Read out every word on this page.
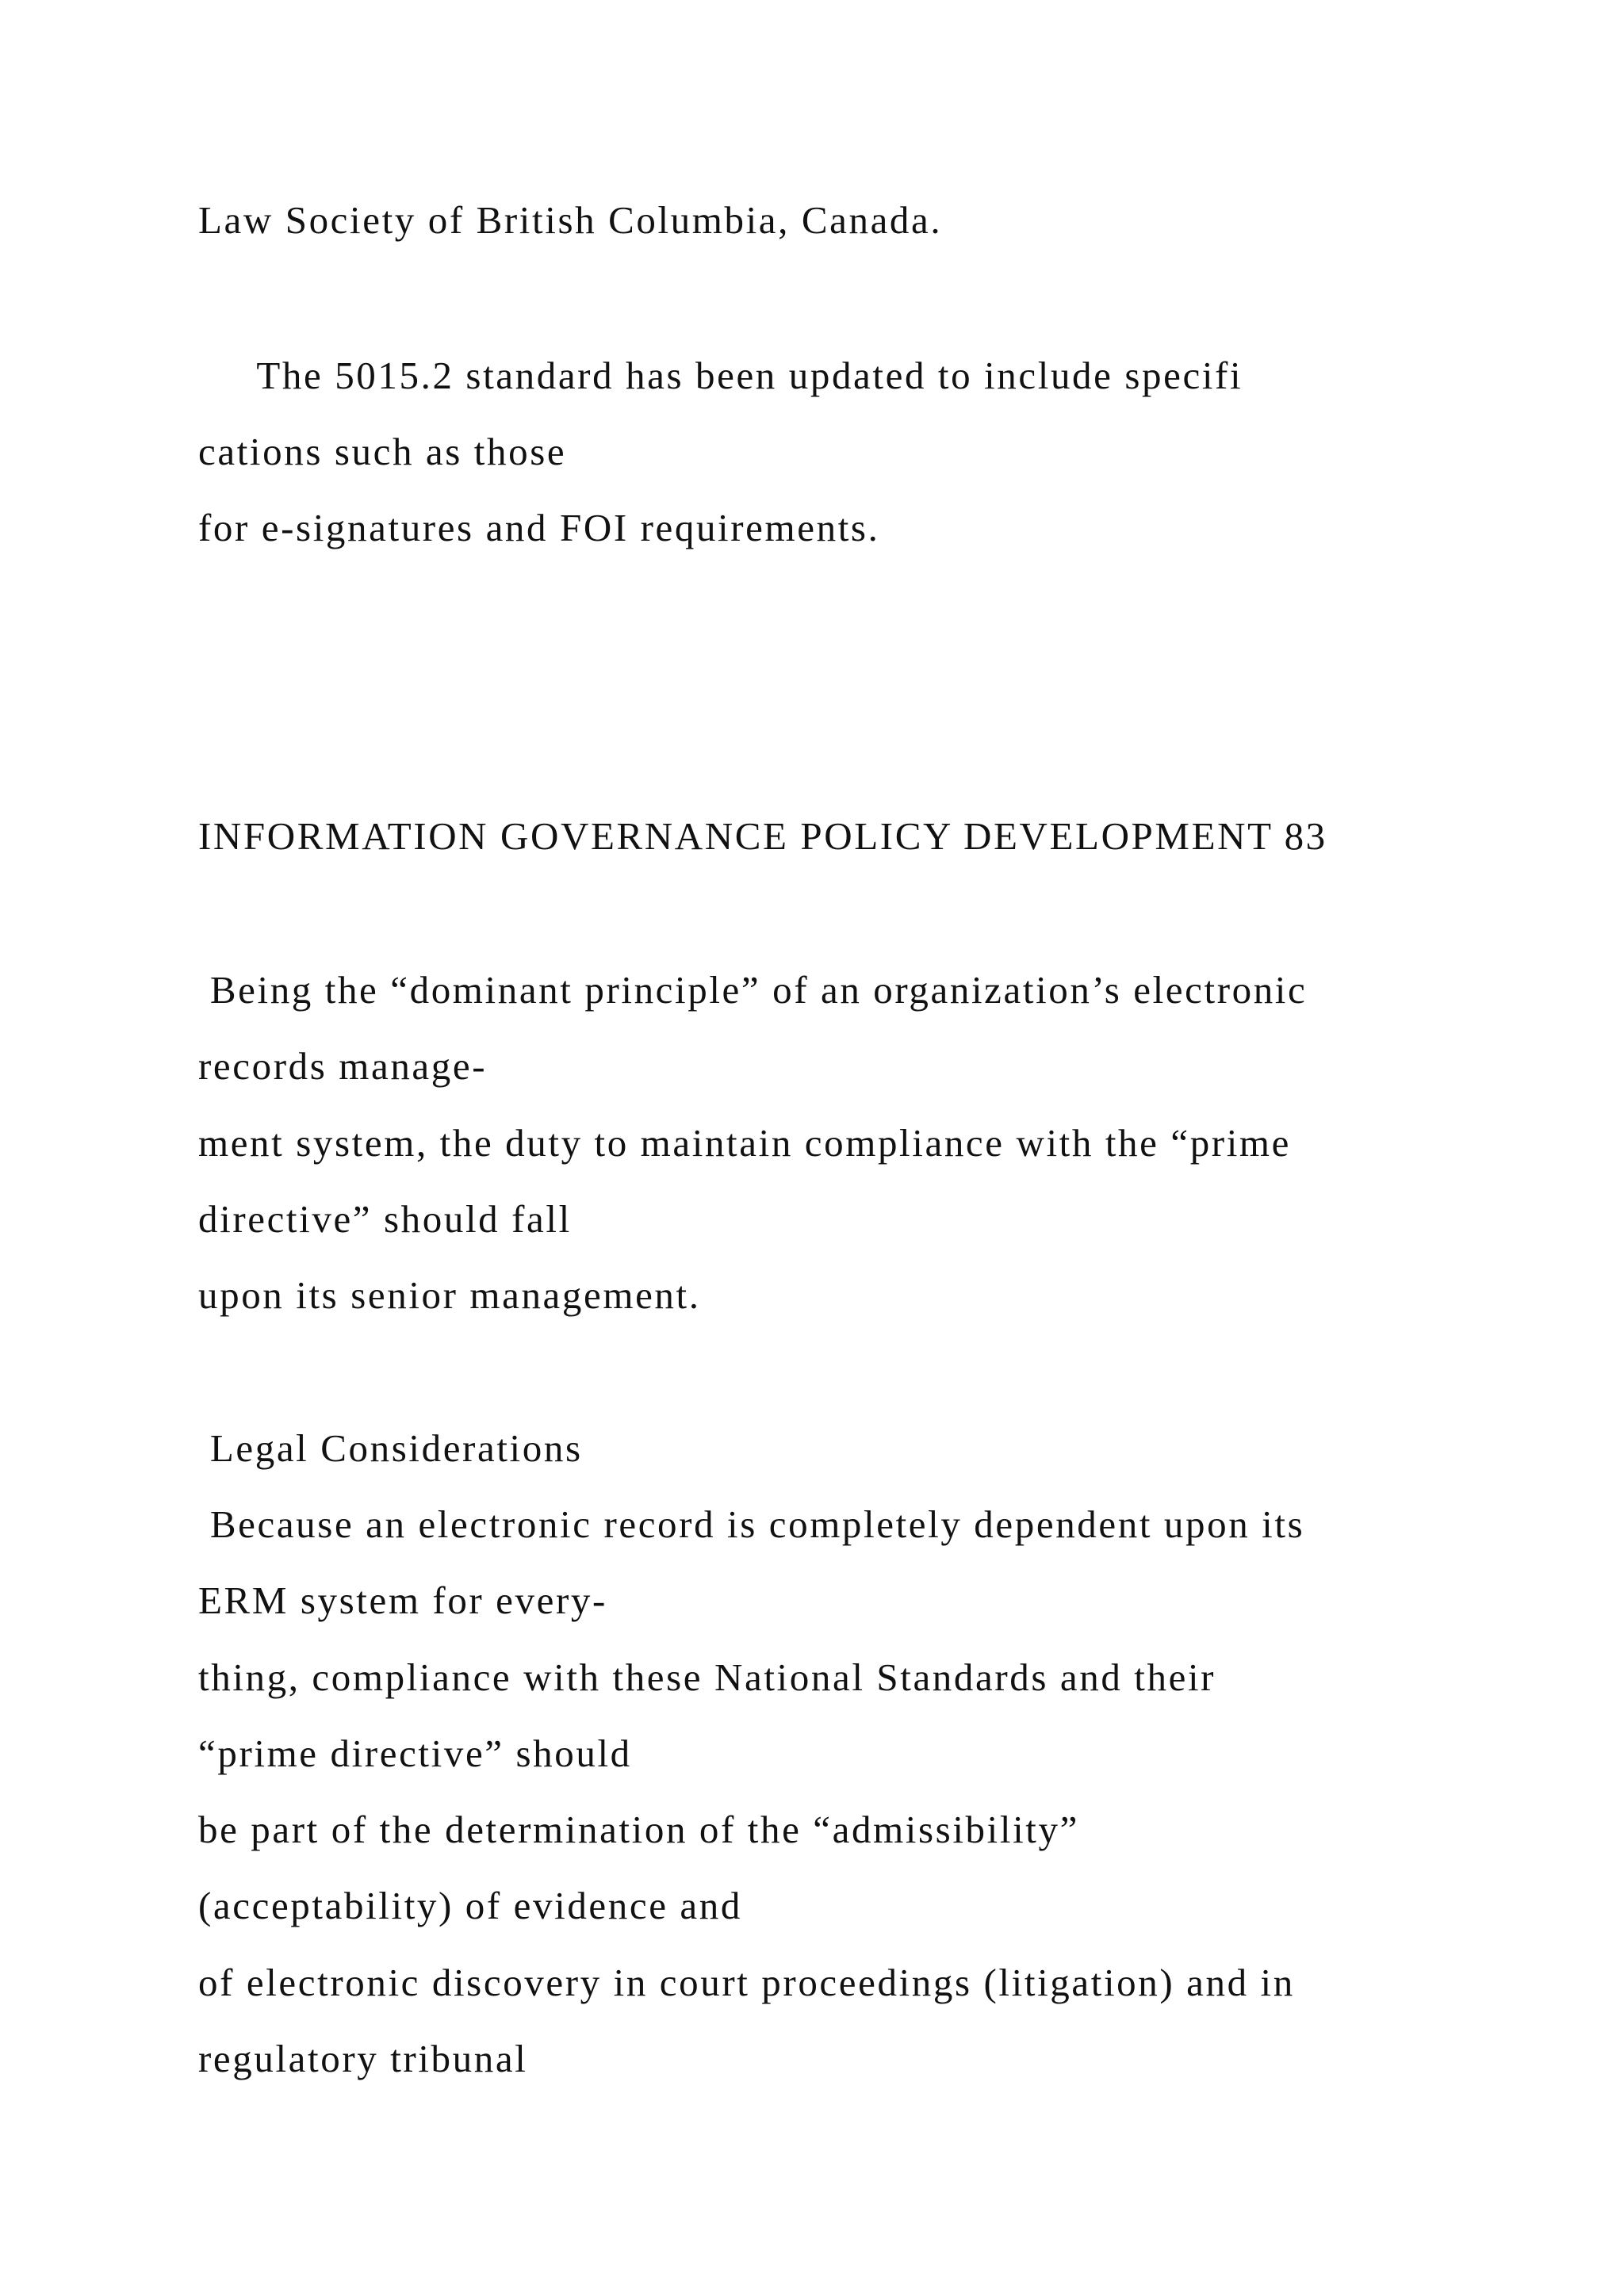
Law Society of British Columbia, Canada.

The 5015.2 standard has been updated to include specifi

cations such as those

for e-signatures and FOI requirements.

INFORMATION GOVERNANCE POLICY DEVELOPMENT 83

Being the “dominant principle” of an organization’s electronic

records manage-

ment system, the duty to maintain compliance with the “prime

directive” should fall

upon its senior management.

Legal Considerations

Because an electronic record is completely dependent upon its

ERM system for every-

thing, compliance with these National Standards and their

“prime directive” should

be part of the determination of the “admissibility”

(acceptability) of evidence and

of electronic discovery in court proceedings (litigation) and in

regulatory tribunal
